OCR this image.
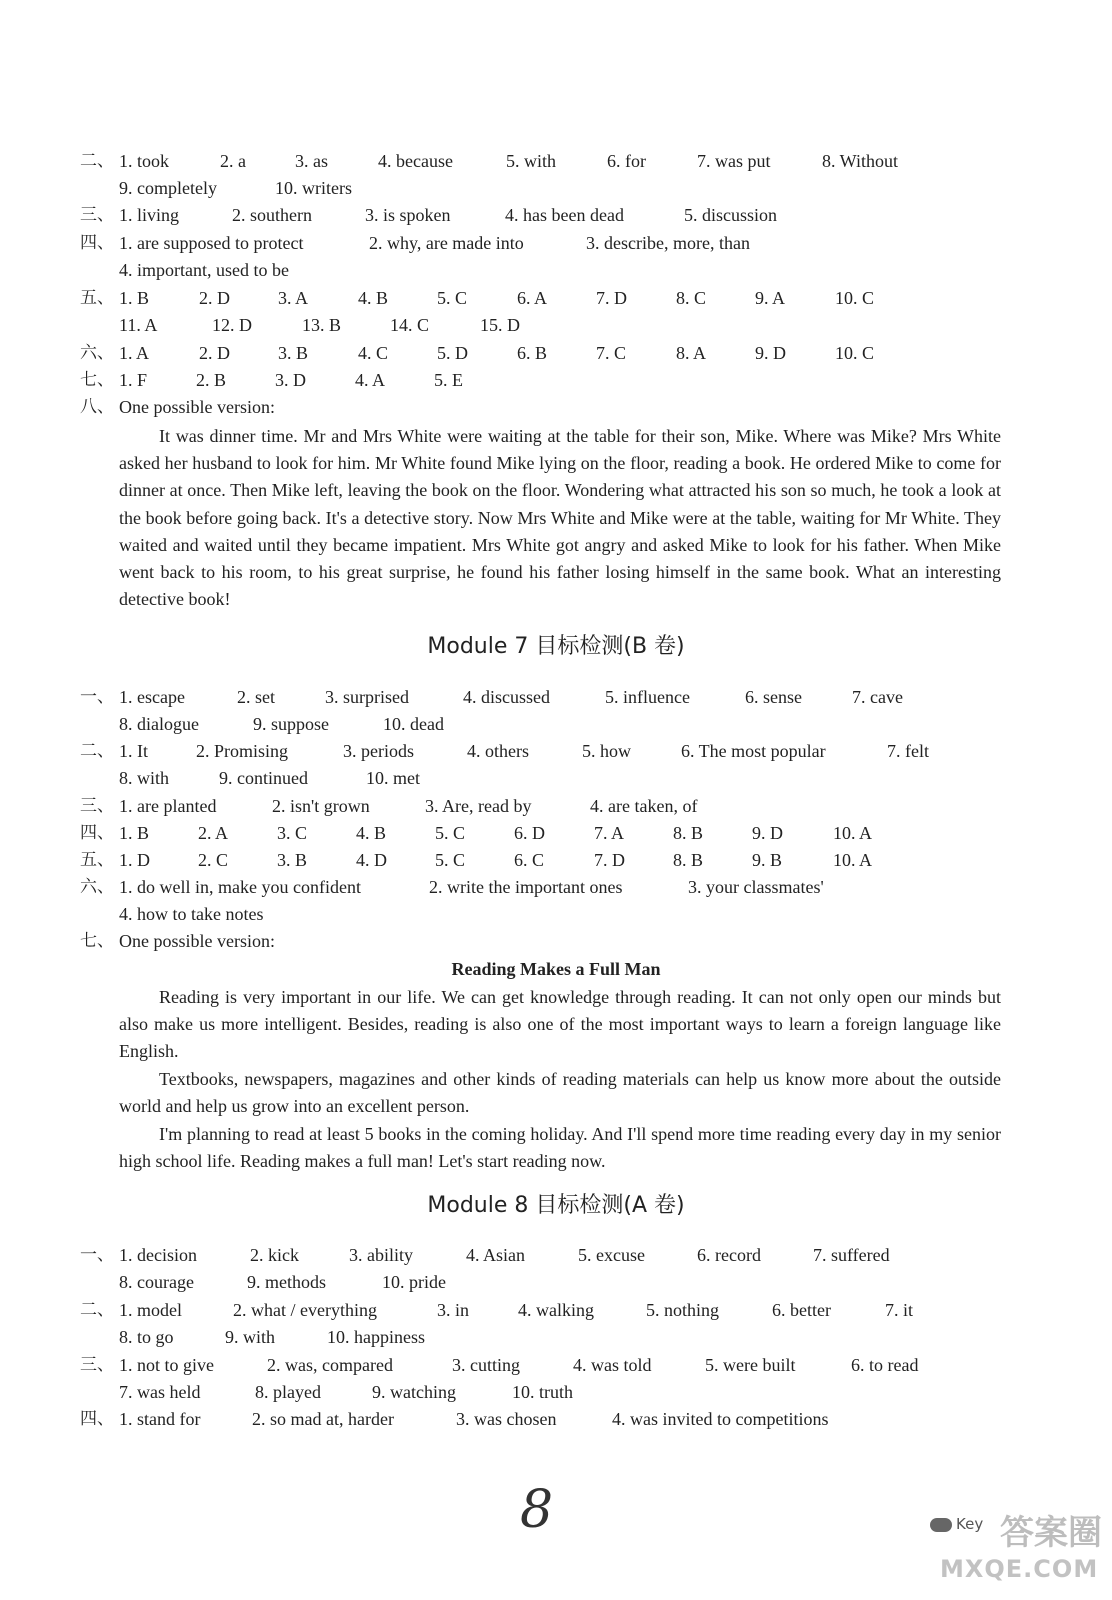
二、 1. took	2. a	3. as	4. because	5. with	6. for	7. was put	8. Without
9. completely	10. writers
三、 1. living	2. southern	3. is spoken	4. has been dead	5. discussion
四、 1. are supposed to protect	2. why, are made into	3. describe, more, than
4. important, used to be
五、 1. B	2. D	3. A	4. B	5. C	6. A	7. D	8. C	9. A	10. C
11. A	12. D	13. B	14. C	15. D
六、 1. A	2. D	3. B	4. C	5. D	6. B	7. C	8. A	9. D	10. C
七、 1. F	2. B	3. D	4. A	5. E
八、 One possible version:

It was dinner time. Mr and Mrs White were waiting at the table for their son, Mike. Where was Mike? Mrs White asked her husband to look for him. Mr White found Mike lying on the floor, reading a book. He ordered Mike to come for dinner at once. Then Mike left, leaving the book on the floor. Wondering what attracted his son so much, he took a look at the book before going back. It's a detective story. Now Mrs White and Mike were at the table, waiting for Mr White. They waited and waited until they became impatient. Mrs White got angry and asked Mike to look for his father. When Mike went back to his room, to his great surprise, he found his father losing himself in the same book. What an interesting detective book!

Module 7 目标检测(B 卷)
一、 1. escape	2. set	3. surprised	4. discussed	5. influence	6. sense	7. cave
8. dialogue	9. suppose	10. dead
二、 1. It	2. Promising	3. periods	4. others	5. how	6. The most popular	7. felt
8. with	9. continued	10. met
三、 1. are planted	2. isn't grown	3. Are, read by	4. are taken, of
四、 1. B	2. A	3. C	4. B	5. C	6. D	7. A	8. B	9. D	10. A
五、 1. D	2. C	3. B	4. D	5. C	6. C	7. D	8. B	9. B	10. A
六、 1. do well in, make you confident	2. write the important ones	3. your classmates'
4. how to take notes
七、 One possible version:
Reading Makes a Full Man

Reading is very important in our life. We can get knowledge through reading. It can not only open our minds but also make us more intelligent. Besides, reading is also one of the most important ways to learn a foreign language like English.

Textbooks, newspapers, magazines and other kinds of reading materials can help us know more about the outside world and help us grow into an excellent person.

I'm planning to read at least 5 books in the coming holiday. And I'll spend more time reading every day in my senior high school life. Reading makes a full man! Let's start reading now.

Module 8 目标检测(A 卷)
一、 1. decision	2. kick	3. ability	4. Asian	5. excuse	6. record	7. suffered
8. courage	9. methods	10. pride
二、 1. model	2. what / everything	3. in	4. walking	5. nothing	6. better	7. it
8. to go	9. with	10. happiness
三、 1. not to give	2. was, compared	3. cutting	4. was told	5. were built	6. to read
7. was held	8. played	9. watching	10. truth
四、 1. stand for	2. so mad at, harder	3. was chosen	4. was invited to competitions
8	Key 答案圈
MXQE.COM
